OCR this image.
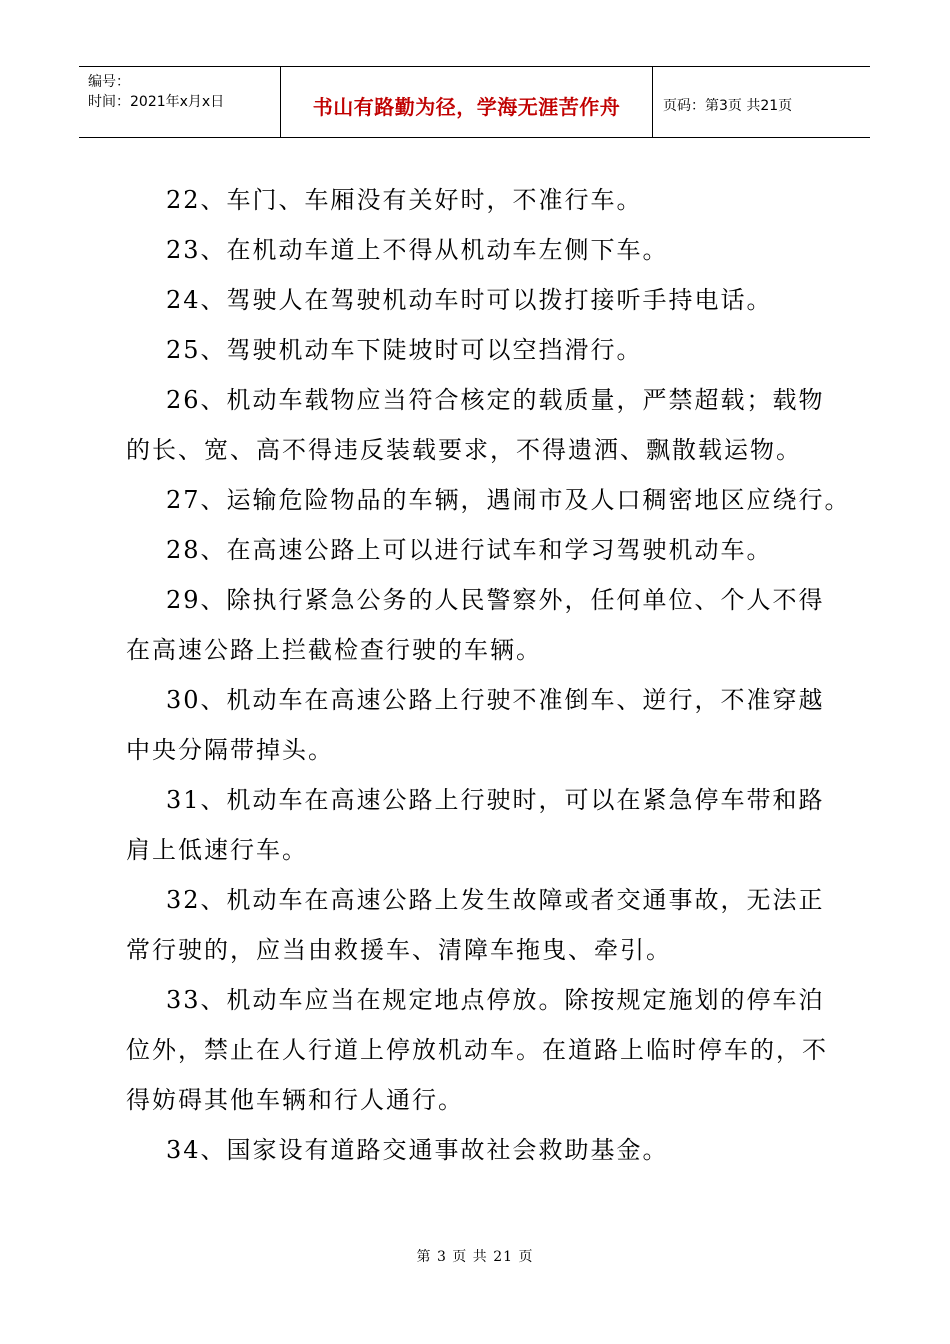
编号：
时间：2021年x月x日	书山有路勤为径，学海无涯苦作舟	页码：第3页 共21页
22、车门、车厢没有关好时，不准行车。
23、在机动车道上不得从机动车左侧下车。
24、驾驶人在驾驶机动车时可以拨打接听手持电话。
25、驾驶机动车下陡坡时可以空挡滑行。
26、机动车载物应当符合核定的载质量，严禁超载；载物
的长、宽、高不得违反装载要求，不得遗洒、飘散载运物。
27、运输危险物品的车辆，遇闹市及人口稠密地区应绕行。
28、在高速公路上可以进行试车和学习驾驶机动车。
29、除执行紧急公务的人民警察外，任何单位、个人不得
在高速公路上拦截检查行驶的车辆。
30、机动车在高速公路上行驶不准倒车、逆行，不准穿越
中央分隔带掉头。
31、机动车在高速公路上行驶时，可以在紧急停车带和路
肩上低速行车。
32、机动车在高速公路上发生故障或者交通事故，无法正
常行驶的，应当由救援车、清障车拖曳、牵引。
33、机动车应当在规定地点停放。除按规定施划的停车泊
位外，禁止在人行道上停放机动车。在道路上临时停车的，不
得妨碍其他车辆和行人通行。
34、国家设有道路交通事故社会救助基金。
第 3 页 共 21 页
